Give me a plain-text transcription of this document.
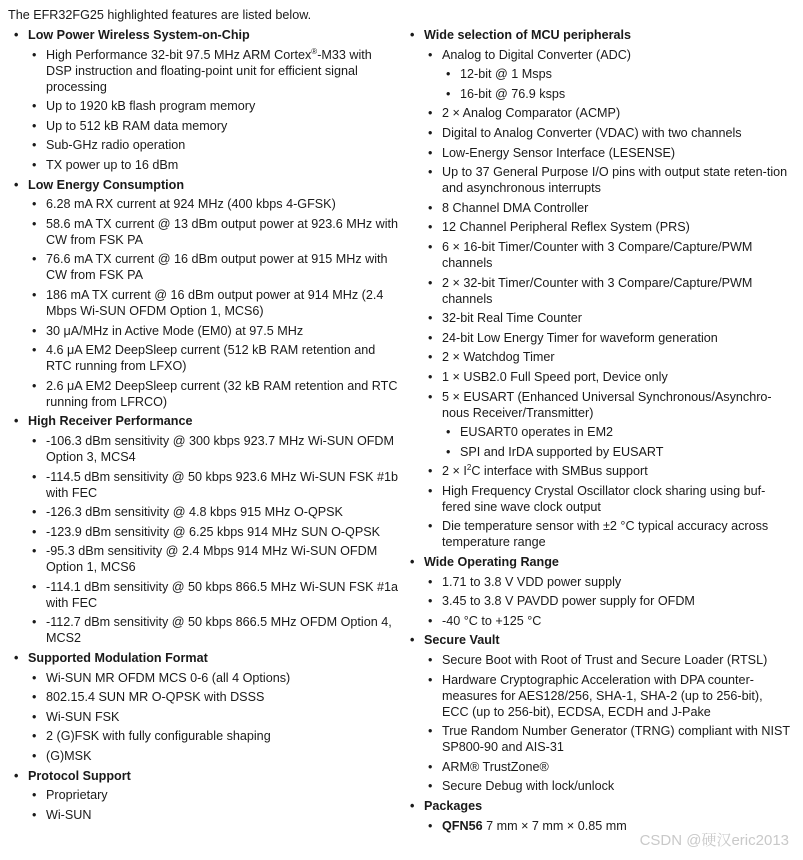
The EFR32FG25 highlighted features are listed below.
• Low Power Wireless System-on-Chip
• High Performance 32-bit 97.5 MHz ARM Cortex®-M33 with DSP instruction and floating-point unit for efficient signal processing
• Up to 1920 kB flash program memory
• Up to 512 kB RAM data memory
• Sub-GHz radio operation
• TX power up to 16 dBm
• Low Energy Consumption
• 6.28 mA RX current at 924 MHz (400 kbps 4-GFSK)
• 58.6 mA TX current @ 13 dBm output power at 923.6 MHz with CW from FSK PA
• 76.6 mA TX current @ 16 dBm output power at 915 MHz with CW from FSK PA
• 186 mA TX current @ 16 dBm output power at 914 MHz (2.4 Mbps Wi-SUN OFDM Option 1, MCS6)
• 30 μA/MHz in Active Mode (EM0) at 97.5 MHz
• 4.6 μA EM2 DeepSleep current (512 kB RAM retention and RTC running from LFXO)
• 2.6 μA EM2 DeepSleep current (32 kB RAM retention and RTC running from LFRCO)
• High Receiver Performance
• -106.3 dBm sensitivity @ 300 kbps 923.7 MHz Wi-SUN OFDM Option 3, MCS4
• -114.5 dBm sensitivity @ 50 kbps 923.6 MHz Wi-SUN FSK #1b with FEC
• -126.3 dBm sensitivity @ 4.8 kbps 915 MHz O-QPSK
• -123.9 dBm sensitivity @ 6.25 kbps 914 MHz SUN O-QPSK
• -95.3 dBm sensitivity @ 2.4 Mbps 914 MHz Wi-SUN OFDM Option 1, MCS6
• -114.1 dBm sensitivity @ 50 kbps 866.5 MHz Wi-SUN FSK #1a with FEC
• -112.7 dBm sensitivity @ 50 kbps 866.5 MHz OFDM Option 4, MCS2
• Supported Modulation Format
• Wi-SUN MR OFDM MCS 0-6 (all 4 Options)
• 802.15.4 SUN MR O-QPSK with DSSS
• Wi-SUN FSK
• 2 (G)FSK with fully configurable shaping
• (G)MSK
• Protocol Support
• Proprietary
• Wi-SUN
• Wide selection of MCU peripherals
• Analog to Digital Converter (ADC)
• 12-bit @ 1 Msps
• 16-bit @ 76.9 ksps
• 2 × Analog Comparator (ACMP)
• Digital to Analog Converter (VDAC) with two channels
• Low-Energy Sensor Interface (LESENSE)
• Up to 37 General Purpose I/O pins with output state reten-tion and asynchronous interrupts
• 8 Channel DMA Controller
• 12 Channel Peripheral Reflex System (PRS)
• 6 × 16-bit Timer/Counter with 3 Compare/Capture/PWM channels
• 2 × 32-bit Timer/Counter with 3 Compare/Capture/PWM channels
• 32-bit Real Time Counter
• 24-bit Low Energy Timer for waveform generation
• 2 × Watchdog Timer
• 1 × USB2.0 Full Speed port, Device only
• 5 × EUSART (Enhanced Universal Synchronous/Asynchro-nous Receiver/Transmitter)
• EUSART0 operates in EM2
• SPI and IrDA supported by EUSART
• $2 \times I^2C$ interface with SMBus support
• High Frequency Crystal Oscillator clock sharing using buf-fered sine wave clock output
• Die temperature sensor with ±2 °C typical accuracy across temperature range
• Wide Operating Range
• 1.71 to 3.8 V VDD power supply
• 3.45 to 3.8 V PAVDD power supply for OFDM
• -40 °C to +125 °C
• Secure Vault
• Secure Boot with Root of Trust and Secure Loader (RTSL)
• Hardware Cryptographic Acceleration with DPA counter-measures for AES128/256, SHA-1, SHA-2 (up to 256-bit), ECC (up to 256-bit), ECDSA, ECDH and J-Pake
• True Random Number Generator (TRNG) compliant with NIST SP800-90 and AIS-31
• ARM® TrustZone®
• Secure Debug with lock/unlock
• Packages
• QFN56 7 mm × 7 mm × 0.85 mm
CSDN @硬汉eric2013
